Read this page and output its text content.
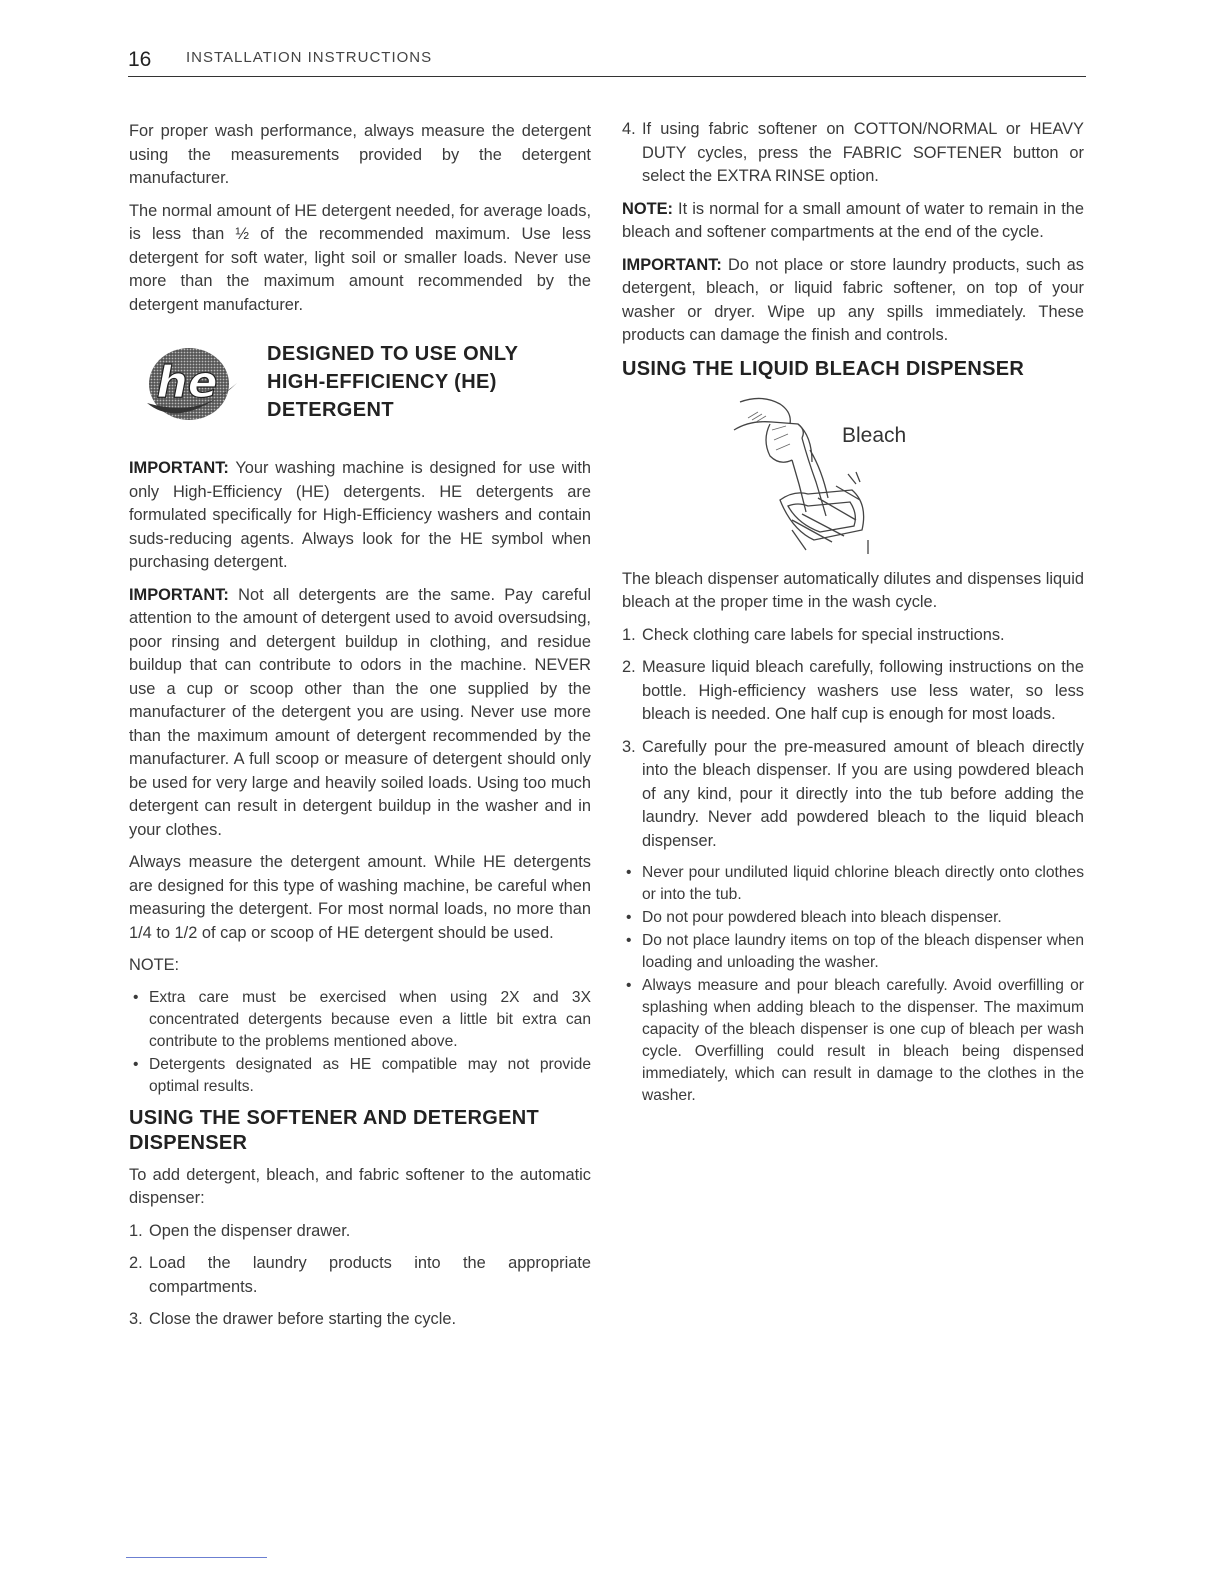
16 INSTALLATION INSTRUCTIONS

For proper wash performance, always measure the detergent using the measurements provided by the detergent manufacturer.

The normal amount of HE detergent needed, for average loads, is less than ½ of the recommended maximum. Use less detergent for soft water, light soil or smaller loads. Never use more than the maximum amount recommended by the detergent manufacturer.

he
DESIGNED TO USE ONLY
HIGH-EFFICIENCY (HE)
DETERGENT

IMPORTANT: Your washing machine is designed for use with only High-Efficiency (HE) detergents. HE detergents are formulated specifically for High-Efficiency washers and contain suds-reducing agents. Always look for the HE symbol when purchasing detergent.

IMPORTANT: Not all detergents are the same. Pay careful attention to the amount of detergent used to avoid oversudsing, poor rinsing and detergent buildup in clothing, and residue buildup that can contribute to odors in the machine. NEVER use a cup or scoop other than the one supplied by the manufacturer of the detergent you are using. Never use more than the maximum amount of detergent recommended by the manufacturer. A full scoop or measure of detergent should only be used for very large and heavily soiled loads. Using too much detergent can result in detergent buildup in the washer and in your clothes.

Always measure the detergent amount. While HE detergents are designed for this type of washing machine, be careful when measuring the detergent. For most normal loads, no more than 1/4 to 1/2 of cap or scoop of HE detergent should be used.

NOTE:

• Extra care must be exercised when using 2X and 3X concentrated detergents because even a little bit extra can contribute to the problems mentioned above.
• Detergents designated as HE compatible may not provide optimal results.
USING THE SOFTENER AND DETERGENT DISPENSER

To add detergent, bleach, and fabric softener to the automatic dispenser:

1. Open the dispenser drawer.
2. Load the laundry products into the appropriate compartments.
3. Close the drawer before starting the cycle.
4. If using fabric softener on COTTON/NORMAL or HEAVY DUTY cycles, press the FABRIC SOFTENER button or select the EXTRA RINSE option.

NOTE: It is normal for a small amount of water to remain in the bleach and softener compartments at the end of the cycle.

IMPORTANT: Do not place or store laundry products, such as detergent, bleach, or liquid fabric softener, on top of your washer or dryer. Wipe up any spills immediately. These products can damage the finish and controls.

USING THE LIQUID BLEACH DISPENSER
Bleach

The bleach dispenser automatically dilutes and dispenses liquid bleach at the proper time in the wash cycle.

1. Check clothing care labels for special instructions.
2. Measure liquid bleach carefully, following instructions on the bottle. High-efficiency washers use less water, so less bleach is needed. One half cup is enough for most loads.
3. Carefully pour the pre-measured amount of bleach directly into the bleach dispenser. If you are using powdered bleach of any kind, pour it directly into the tub before adding the laundry. Never add powdered bleach to the liquid bleach dispenser.
• Never pour undiluted liquid chlorine bleach directly onto clothes or into the tub.
• Do not pour powdered bleach into bleach dispenser.
• Do not place laundry items on top of the bleach dispenser when loading and unloading the washer.
• Always measure and pour bleach carefully. Avoid overfilling or splashing when adding bleach to the dispenser. The maximum capacity of the bleach dispenser is one cup of bleach per wash cycle. Overfilling could result in bleach being dispensed immediately, which can result in damage to the clothes in the washer.
